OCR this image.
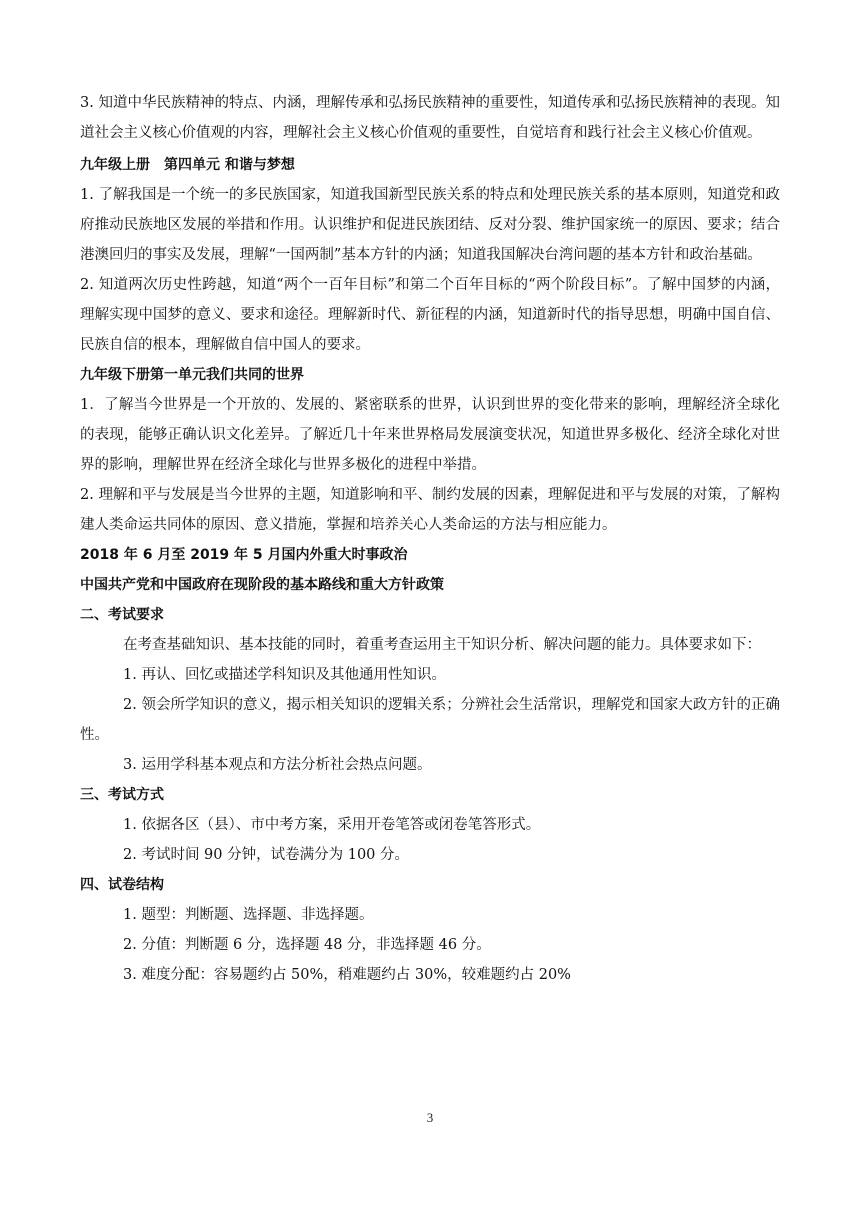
3. 知道中华民族精神的特点、内涵，理解传承和弘扬民族精神的重要性，知道传承和弘扬民族精神的表现。知道社会主义核心价值观的内容，理解社会主义核心价值观的重要性，自觉培育和践行社会主义核心价值观。

九年级上册　第四单元 和谐与梦想

1. 了解我国是一个统一的多民族国家，知道我国新型民族关系的特点和处理民族关系的基本原则，知道党和政府推动民族地区发展的举措和作用。认识维护和促进民族团结、反对分裂、维护国家统一的原因、要求；结合港澳回归的事实及发展，理解“一国两制”基本方针的内涵；知道我国解决台湾问题的基本方针和政治基础。

2. 知道两次历史性跨越，知道“两个一百年目标”和第二个百年目标的“两个阶段目标”。了解中国梦的内涵，理解实现中国梦的意义、要求和途径。理解新时代、新征程的内涵，知道新时代的指导思想，明确中国自信、民族自信的根本，理解做自信中国人的要求。

九年级下册第一单元我们共同的世界

1．了解当今世界是一个开放的、发展的、紧密联系的世界，认识到世界的变化带来的影响，理解经济全球化的表现，能够正确认识文化差异。了解近几十年来世界格局发展演变状况，知道世界多极化、经济全球化对世界的影响，理解世界在经济全球化与世界多极化的进程中举措。

2. 理解和平与发展是当今世界的主题，知道影响和平、制约发展的因素，理解促进和平与发展的对策，了解构建人类命运共同体的原因、意义措施，掌握和培养关心人类命运的方法与相应能力。

2018 年 6 月至 2019 年 5 月国内外重大时事政治

中国共产党和中国政府在现阶段的基本路线和重大方针政策

二、考试要求

在考查基础知识、基本技能的同时，着重考查运用主干知识分析、解决问题的能力。具体要求如下：

1. 再认、回忆或描述学科知识及其他通用性知识。

2. 领会所学知识的意义，揭示相关知识的逻辑关系；分辨社会生活常识，理解党和国家大政方针的正确性。

3. 运用学科基本观点和方法分析社会热点问题。

三、考试方式

1. 依据各区（县）、市中考方案，采用开卷笔答或闭卷笔答形式。

2. 考试时间 90 分钟，试卷满分为 100 分。

四、试卷结构

1. 题型：判断题、选择题、非选择题。

2. 分值：判断题 6 分，选择题 48 分，非选择题 46 分。

3. 难度分配：容易题约占 50%，稍难题约占 30%，较难题约占 20%

3
